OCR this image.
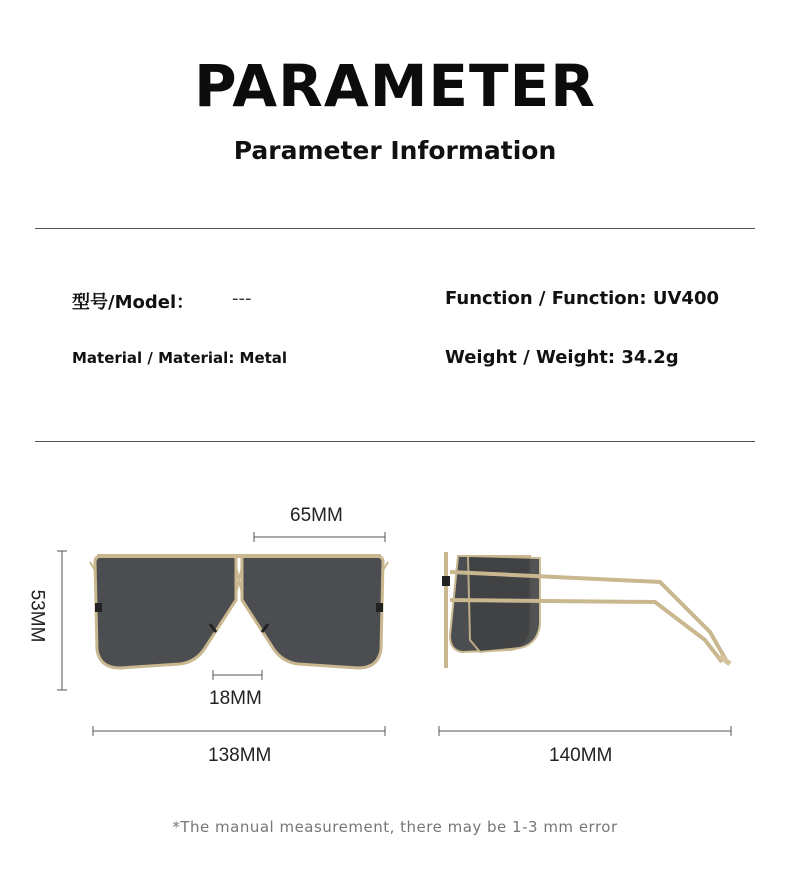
PARAMETER
Parameter Information
型号/Model： ---	Function / Function: UV400
Material / Material: Metal	Weight / Weight: 34.2g
65MM
53MM
18MM
138MM	140MM
*The manual measurement, there may be 1-3 mm error
